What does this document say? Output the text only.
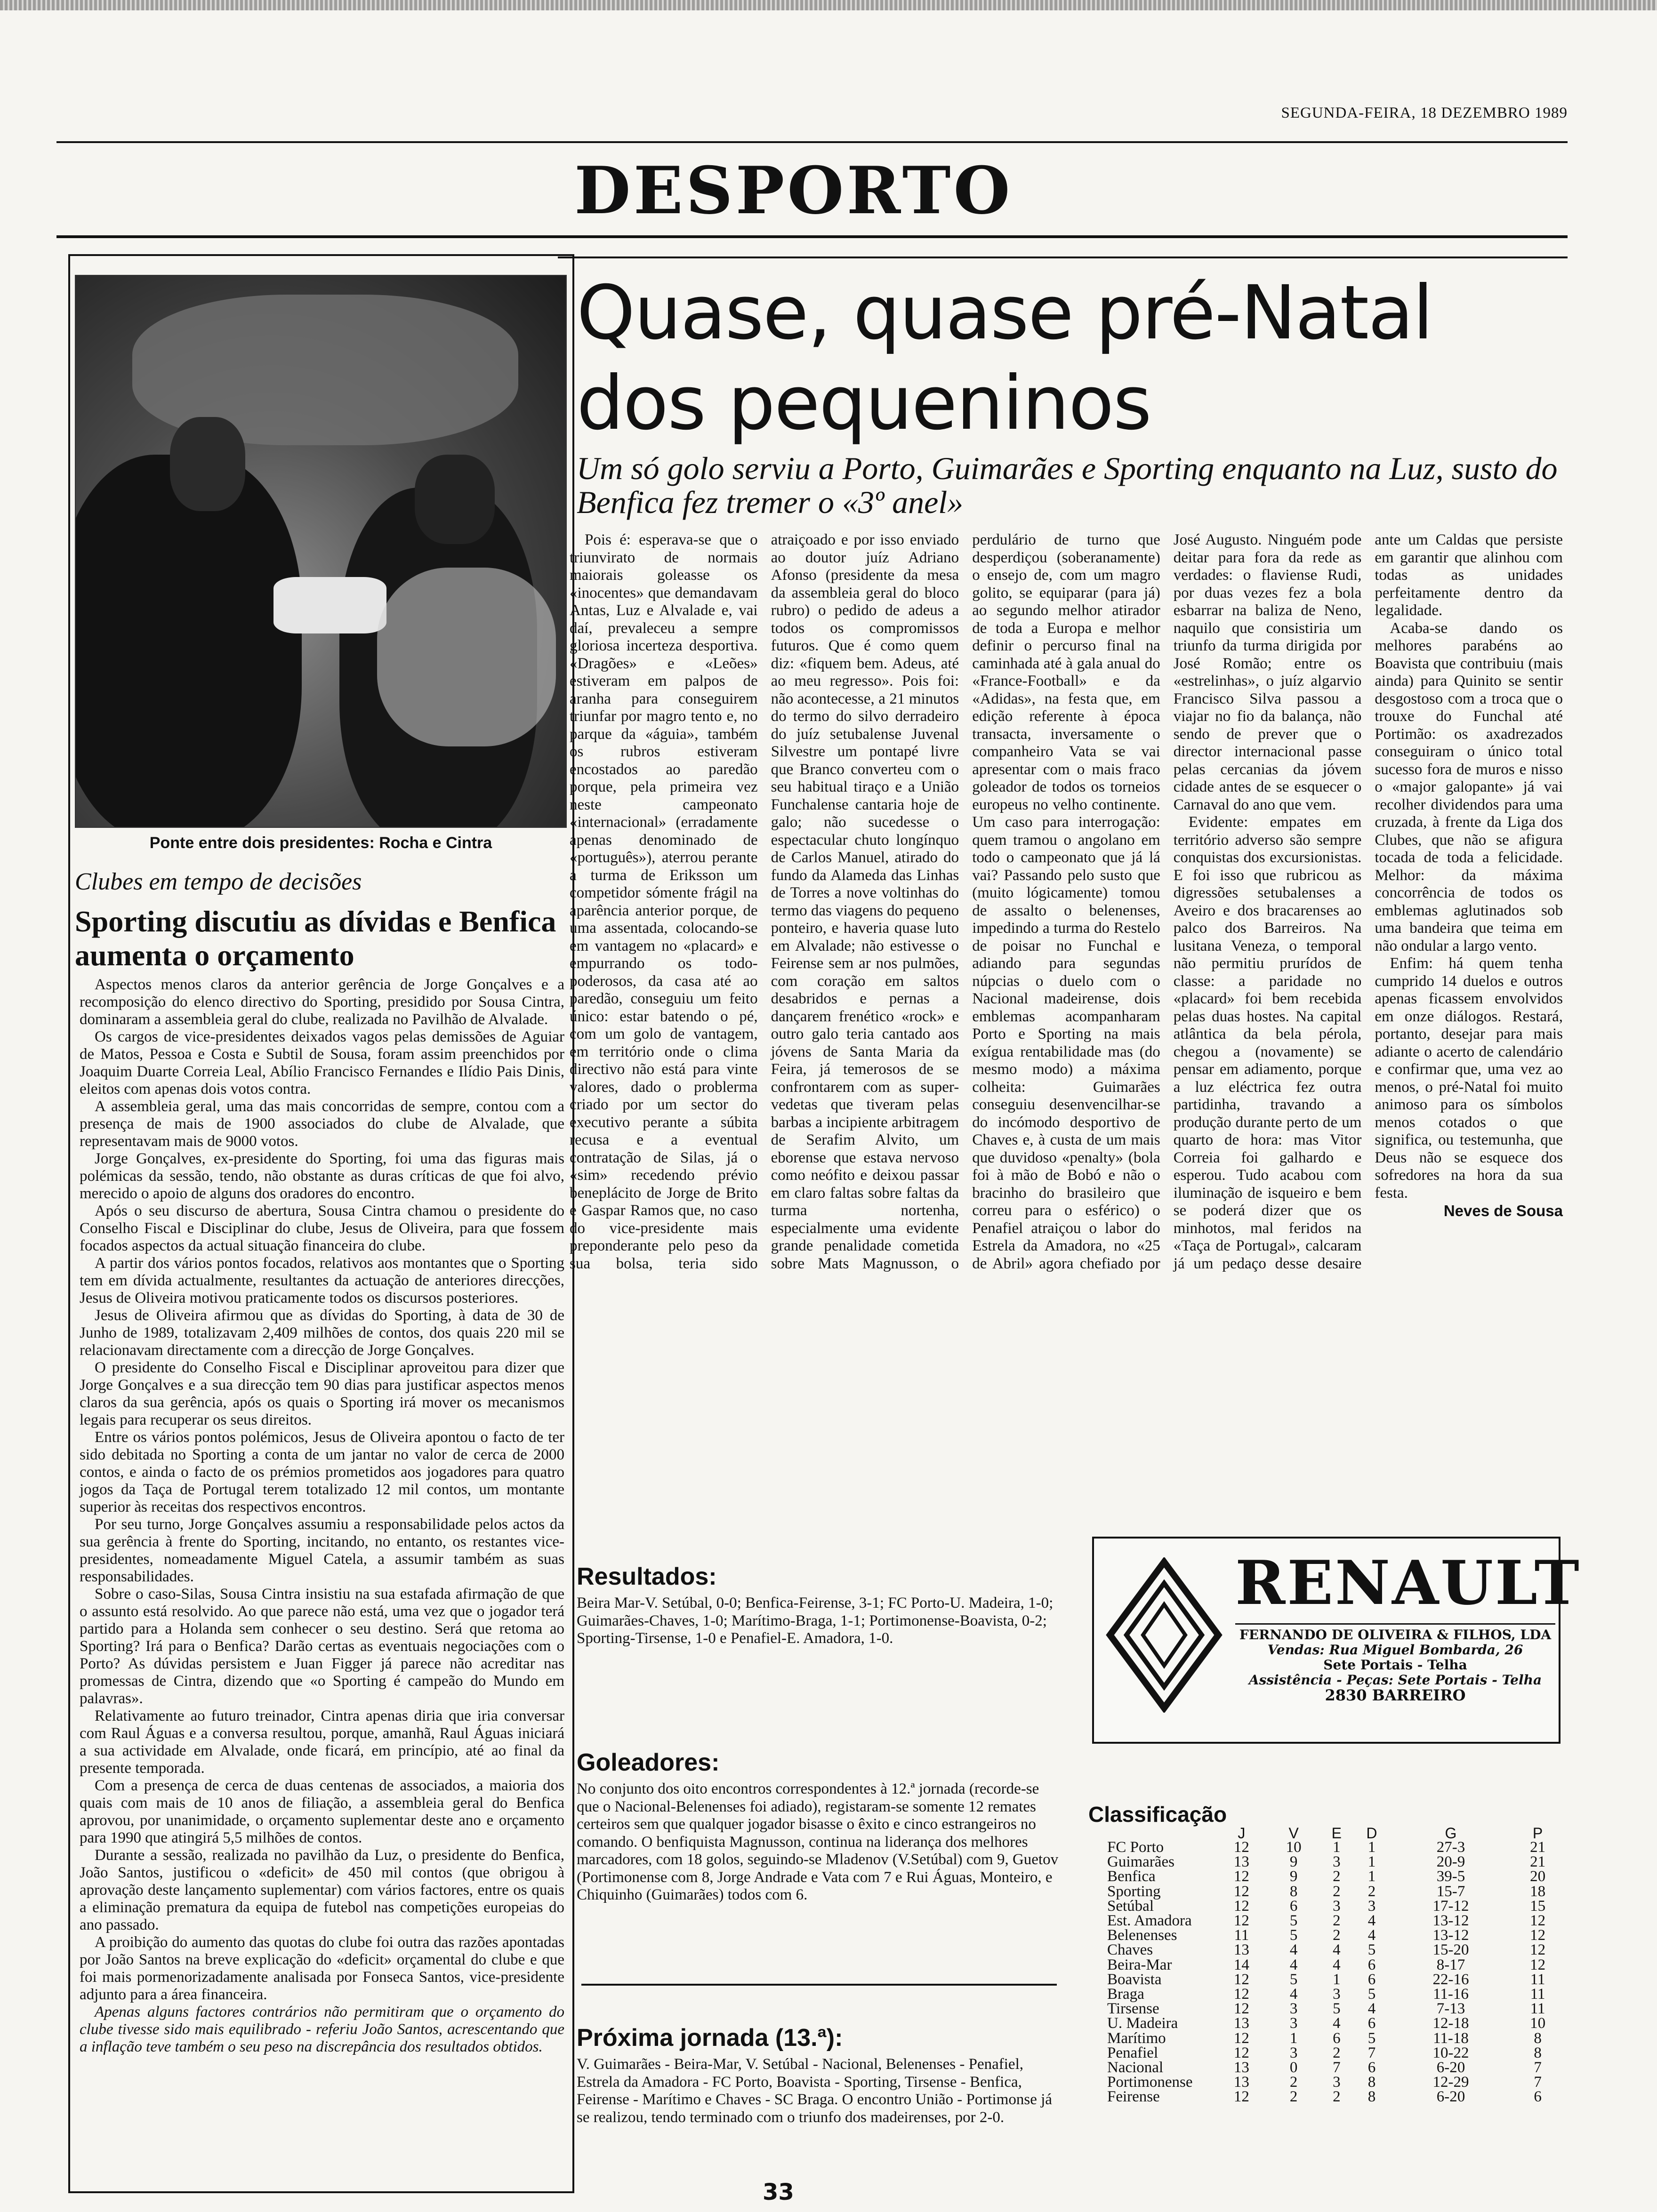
SEGUNDA-FEIRA, 18 DEZEMBRO 1989
DESPORTO
Ponte entre dois presidentes: Rocha e Cintra
Clubes em tempo de decisões
Sporting discutiu as dívidas e Benfica aumenta o orçamento

Aspectos menos claros da anterior gerência de Jorge Gonçalves e a recomposição do elenco directivo do Sporting, presidido por Sousa Cintra, dominaram a assembleia geral do clube, realizada no Pavilhão de Alvalade.

Os cargos de vice-presidentes deixados vagos pelas demissões de Aguiar de Matos, Pessoa e Costa e Subtil de Sousa, foram assim preenchidos por Joaquim Duarte Correia Leal, Abílio Francisco Fernandes e Ilídio Pais Dinis, eleitos com apenas dois votos contra.

A assembleia geral, uma das mais concorridas de sempre, contou com a presença de mais de 1900 associados do clube de Alvalade, que representavam mais de 9000 votos.

Jorge Gonçalves, ex-presidente do Sporting, foi uma das figuras mais polémicas da sessão, tendo, não obstante as duras críticas de que foi alvo, merecido o apoio de alguns dos oradores do encontro.

Após o seu discurso de abertura, Sousa Cintra chamou o presidente do Conselho Fiscal e Disciplinar do clube, Jesus de Oliveira, para que fossem focados aspectos da actual situação financeira do clube.

A partir dos vários pontos focados, relativos aos montantes que o Sporting tem em dívida actualmente, resultantes da actuação de anteriores direcções, Jesus de Oliveira motivou praticamente todos os discursos posteriores.

Jesus de Oliveira afirmou que as dívidas do Sporting, à data de 30 de Junho de 1989, totalizavam 2,409 milhões de contos, dos quais 220 mil se relacionavam directamente com a direcção de Jorge Gonçalves.

O presidente do Conselho Fiscal e Disciplinar aproveitou para dizer que Jorge Gonçalves e a sua direcção tem 90 dias para justificar aspectos menos claros da sua gerência, após os quais o Sporting irá mover os mecanismos legais para recuperar os seus direitos.

Entre os vários pontos polémicos, Jesus de Oliveira apontou o facto de ter sido debitada no Sporting a conta de um jantar no valor de cerca de 2000 contos, e ainda o facto de os prémios prometidos aos jogadores para quatro jogos da Taça de Portugal terem totalizado 12 mil contos, um montante superior às receitas dos respectivos encontros.

Por seu turno, Jorge Gonçalves assumiu a responsabilidade pelos actos da sua gerência à frente do Sporting, incitando, no entanto, os restantes vice-presidentes, nomeadamente Miguel Catela, a assumir também as suas responsabilidades.

Sobre o caso-Silas, Sousa Cintra insistiu na sua estafada afirmação de que o assunto está resolvido. Ao que parece não está, uma vez que o jogador terá partido para a Holanda sem conhecer o seu destino. Será que retoma ao Sporting? Irá para o Benfica? Darão certas as eventuais negociações com o Porto? As dúvidas persistem e Juan Figger já parece não acreditar nas promessas de Cintra, dizendo que «o Sporting é campeão do Mundo em palavras».

Relativamente ao futuro treinador, Cintra apenas diria que iria conversar com Raul Águas e a conversa resultou, porque, amanhã, Raul Águas iniciará a sua actividade em Alvalade, onde ficará, em princípio, até ao final da presente temporada.

Com a presença de cerca de duas centenas de associados, a maioria dos quais com mais de 10 anos de filiação, a assembleia geral do Benfica aprovou, por unanimidade, o orçamento suplementar deste ano e orçamento para 1990 que atingirá 5,5 milhões de contos.

Durante a sessão, realizada no pavilhão da Luz, o presidente do Benfica, João Santos, justificou o «deficit» de 450 mil contos (que obrigou à aprovação deste lançamento suplementar) com vários factores, entre os quais a eliminação prematura da equipa de futebol nas competições europeias do ano passado.

A proibição do aumento das quotas do clube foi outra das razões apontadas por João Santos na breve explicação do «deficit» orçamental do clube e que foi mais pormenorizadamente analisada por Fonseca Santos, vice-presidente adjunto para a área financeira.

Apenas alguns factores contrários não permitiram que o orçamento do clube tivesse sido mais equilibrado - referiu João Santos, acrescentando que a inflação teve também o seu peso na discrepância dos resultados obtidos.

Quase, quase pré-Natal dos pequeninos
Um só golo serviu a Porto, Guimarães e Sporting enquanto na Luz, susto do Benfica fez tremer o «3º anel»

Pois é: esperava-se que o triunvirato de normais maiorais goleasse os «inocentes» que demandavam Antas, Luz e Alvalade e, vai daí, prevaleceu a sempre gloriosa incerteza desportiva. «Dragões» e «Leões» estiveram em palpos de aranha para conseguirem triunfar por magro tento e, no parque da «águia», também os rubros estiveram encostados ao paredão porque, pela primeira vez neste campeonato «internacional» (erradamente apenas denominado de «português»), aterrou perante a turma de Eriksson um competidor sómente frágil na aparência anterior porque, de uma assentada, colocando-se em vantagem no «placard» e empurrando os todo-poderosos, da casa até ao paredão, conseguiu um feito único: estar batendo o pé, com um golo de vantagem, em território onde o clima directivo não está para vinte valores, dado o problerma criado por um sector do executivo perante a súbita recusa e a eventual contratação de Silas, já o «sim» recedendo prévio beneplácito de Jorge de Brito e Gaspar Ramos que, no caso do vice-presidente mais preponderante pelo peso da sua bolsa, teria sido atraiçoado e por isso enviado ao doutor juíz Adriano Afonso (presidente da mesa da assembleia geral do bloco rubro) o pedido de adeus a todos os compromissos futuros. Que é como quem diz: «fiquem bem. Adeus, até ao meu regresso». Pois foi: não acontecesse, a 21 minutos do termo do silvo derradeiro do juíz setubalense Juvenal Silvestre um pontapé livre que Branco converteu com o seu habitual tiraço e a União Funchalense cantaria hoje de galo; não sucedesse o espectacular chuto longínquo de Carlos Manuel, atirado do fundo da Alameda das Linhas de Torres a nove voltinhas do termo das viagens do pequeno ponteiro, e haveria quase luto em Alvalade; não estivesse o Feirense sem ar nos pulmões, com coração em saltos desabridos e pernas a dançarem frenético «rock» e outro galo teria cantado aos jóvens de Santa Maria da Feira, já temerosos de se confrontarem com as super-vedetas que tiveram pelas barbas a incipiente arbitragem de Serafim Alvito, um eborense que estava nervoso como neófito e deixou passar em claro faltas sobre faltas da turma nortenha, especialmente uma evidente grande penalidade cometida sobre Mats Magnusson, o perdulário de turno que desperdiçou (soberanamente) o ensejo de, com um magro golito, se equiparar (para já) ao segundo melhor atirador de toda a Europa e melhor definir o percurso final na caminhada até à gala anual do «France-Football» e da «Adidas», na festa que, em edição referente à época transacta, inversamente o companheiro Vata se vai apresentar com o mais fraco goleador de todos os torneios europeus no velho continente. Um caso para interrogação: quem tramou o angolano em todo o campeonato que já lá vai? Passando pelo susto que (muito lógicamente) tomou de assalto o belenenses, impedindo a turma do Restelo de poisar no Funchal e adiando para segundas núpcias o duelo com o Nacional madeirense, dois emblemas acompanharam Porto e Sporting na mais exígua rentabilidade mas (do mesmo modo) a máxima colheita: Guimarães conseguiu desenvencilhar-se do incómodo desportivo de Chaves e, à custa de um mais que duvidoso «penalty» (bola foi à mão de Bobó e não o bracinho do brasileiro que correu para o esférico) o Penafiel atraiçou o labor do Estrela da Amadora, no «25 de Abril» agora chefiado por José Augusto. Ninguém pode deitar para fora da rede as verdades: o flaviense Rudi, por duas vezes fez a bola esbarrar na baliza de Neno, naquilo que consistiria um triunfo da turma dirigida por José Romão; entre os «estrelinhas», o juíz algarvio Francisco Silva passou a viajar no fio da balança, não sendo de prever que o director internacional passe pelas cercanias da jóvem cidade antes de se esquecer o Carnaval do ano que vem.

Evidente: empates em território adverso são sempre conquistas dos excursionistas. E foi isso que rubricou as digressões setubalenses a Aveiro e dos bracarenses ao palco dos Barreiros. Na lusitana Veneza, o temporal não permitiu prurídos de classe: a paridade no «placard» foi bem recebida pelas duas hostes. Na capital atlântica da bela pérola, chegou a (novamente) se pensar em adiamento, porque a luz eléctrica fez outra partidinha, travando a produção durante perto de um quarto de hora: mas Vitor Correia foi galhardo e esperou. Tudo acabou com iluminação de isqueiro e bem se poderá dizer que os minhotos, mal feridos na «Taça de Portugal», calcaram já um pedaço desse desaire ante um Caldas que persiste em garantir que alinhou com todas as unidades perfeitamente dentro da legalidade.

Acaba-se dando os melhores parabéns ao Boavista que contribuiu (mais ainda) para Quinito se sentir desgostoso com a troca que o trouxe do Funchal até Portimão: os axadrezados conseguiram o único total sucesso fora de muros e nisso o «major galopante» já vai recolher dividendos para uma cruzada, à frente da Liga dos Clubes, que não se afigura tocada de toda a felicidade. Melhor: da máxima concorrência de todos os emblemas aglutinados sob uma bandeira que teima em não ondular a largo vento.

Enfim: há quem tenha cumprido 14 duelos e outros apenas ficassem envolvidos em onze diálogos. Restará, portanto, desejar para mais adiante o acerto de calendário e confirmar que, uma vez ao menos, o pré-Natal foi muito animoso para os símbolos menos cotados o que significa, ou testemunha, que Deus não se esquece dos sofredores na hora da sua festa.

Neves de Sousa

Resultados:

Beira Mar-V. Setúbal, 0-0; Benfica-Feirense, 3-1; FC Porto-U. Madeira, 1-0; Guimarães-Chaves, 1-0; Marítimo-Braga, 1-1; Portimonense-Boavista, 0-2; Sporting-Tirsense, 1-0 e Penafiel-E. Amadora, 1-0.

Goleadores:

No conjunto dos oito encontros correspondentes à 12.ª jornada (recorde-se que o Nacional-Belenenses foi adiado), registaram-se somente 12 remates certeiros sem que qualquer jogador bisasse o êxito e cinco estrangeiros no comando. O benfiquista Magnusson, continua na liderança dos melhores marcadores, com 18 golos, seguindo-se Mladenov (V.Setúbal) com 9, Guetov (Portimonense com 8, Jorge Andrade e Vata com 7 e Rui Águas, Monteiro, e Chiquinho (Guimarães) todos com 6.

Próxima jornada (13.ª):

V. Guimarães - Beira-Mar, V. Setúbal - Nacional, Belenenses - Penafiel, Estrela da Amadora - FC Porto, Boavista - Sporting, Tirsense - Benfica, Feirense - Marítimo e Chaves - SC Braga. O encontro União - Portimonse já se realizou, tendo terminado com o triunfo dos madeirenses, por 2-0.

RENAULT
FERNANDO DE OLIVEIRA & FILHOS, LDA
Vendas: Rua Miguel Bombarda, 26
Sete Portais - Telha
Assistência - Peças: Sete Portais - Telha
2830 BARREIRO
Classificação
	J	V	E	D	G	P
FC Porto	12	10	1	1	27-3	21
Guimarães	13	9	3	1	20-9	21
Benfica	12	9	2	1	39-5	20
Sporting	12	8	2	2	15-7	18
Setúbal	12	6	3	3	17-12	15
Est. Amadora	12	5	2	4	13-12	12
Belenenses	11	5	2	4	13-12	12
Chaves	13	4	4	5	15-20	12
Beira-Mar	14	4	4	6	8-17	12
Boavista	12	5	1	6	22-16	11
Braga	12	4	3	5	11-16	11
Tirsense	12	3	5	4	7-13	11
U. Madeira	13	3	4	6	12-18	10
Marítimo	12	1	6	5	11-18	8
Penafiel	12	3	2	7	10-22	8
Nacional	13	0	7	6	6-20	7
Portimonense	13	2	3	8	12-29	7
Feirense	12	2	2	8	6-20	6
33
